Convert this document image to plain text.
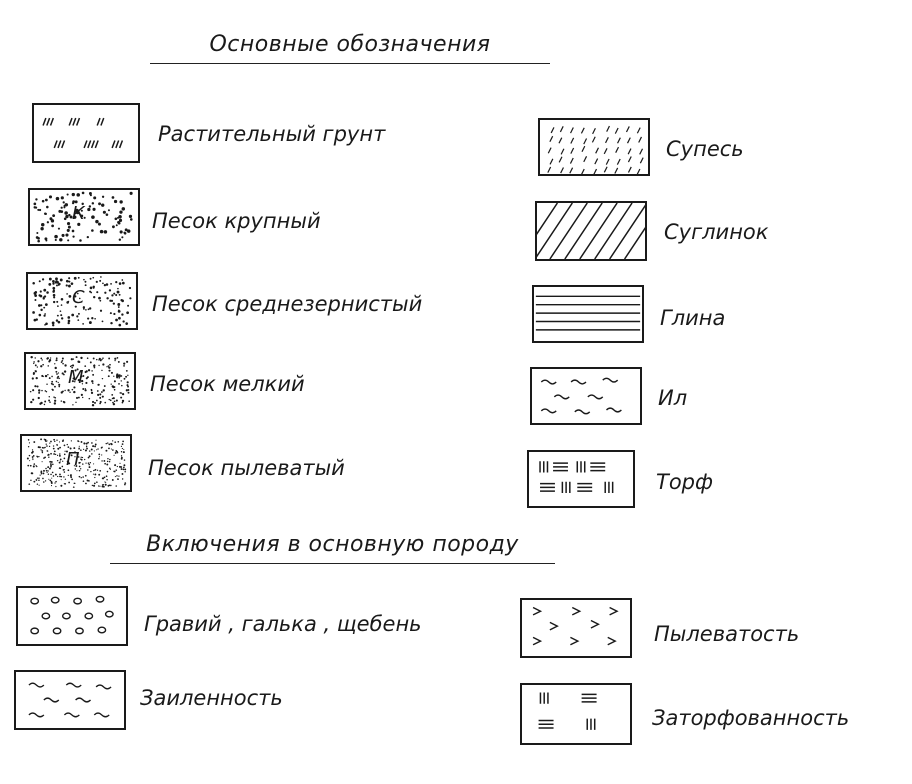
Основные обозначения
Растительный грунт
К	Песок крупный
С	Песок среднезернистый
М	Песок мелкий
П	Песок пылеватый
Супесь
Суглинок
Глина
Ил
Торф
Включения в основную породу
Гравий , галька , щебень	Пылеватость
Заиленность
Заторфованность
